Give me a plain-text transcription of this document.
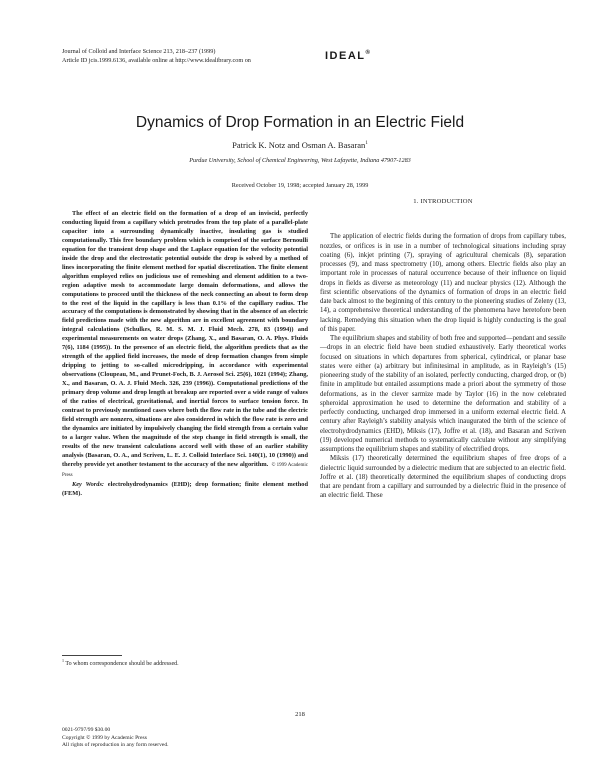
Journal of Colloid and Interface Science 213, 218–237 (1999)
Article ID jcis.1999.6136, available online at http://www.idealibrary.com on	IDEAL®
Dynamics of Drop Formation in an Electric Field
Patrick K. Notz and Osman A. Basaran$^1$
Purdue University, School of Chemical Engineering, West Lafayette, Indiana 47907-1283
Received October 19, 1998; accepted January 28, 1999

The effect of an electric field on the formation of a drop of an inviscid, perfectly conducting liquid from a capillary which protrudes from the top plate of a parallel-plate capacitor into a surrounding dynamically inactive, insulating gas is studied computationally. This free boundary problem which is comprised of the surface Bernoulli equation for the transient drop shape and the Laplace equation for the velocity potential inside the drop and the electrostatic potential outside the drop is solved by a method of lines incorporating the finite element method for spatial discretization. The finite element algorithm employed relies on judicious use of remeshing and element addition to a two-region adaptive mesh to accommodate large domain deformations, and allows the computations to proceed until the thickness of the neck connecting an about to form drop to the rest of the liquid in the capillary is less than 0.1% of the capillary radius. The accuracy of the computations is demonstrated by showing that in the absence of an electric field predictions made with the new algorithm are in excellent agreement with boundary integral calculations (Schulkes, R. M. S. M. J. Fluid Mech. 278, 83 (1994)) and experimental measurements on water drops (Zhang, X., and Basaran, O. A. Phys. Fluids 7(6), 1184 (1995)). In the presence of an electric field, the algorithm predicts that as the strength of the applied field increases, the mode of drop formation changes from simple dripping to jetting to so-called microdripping, in accordance with experimental observations (Cloupeau, M., and Prunet-Foch, B. J. Aerosol Sci. 25(6), 1021 (1994); Zhang, X., and Basaran, O. A. J. Fluid Mech. 326, 239 (1996)). Computational predictions of the primary drop volume and drop length at breakup are reported over a wide range of values of the ratios of electrical, gravitational, and inertial forces to surface tension force. In contrast to previously mentioned cases where both the flow rate in the tube and the electric field strength are nonzero, situations are also considered in which the flow rate is zero and the dynamics are initiated by impulsively changing the field strength from a certain value to a larger value. When the magnitude of the step change in field strength is small, the results of the new transient calculations accord well with those of an earlier stability analysis (Basaran, O. A., and Scriven, L. E. J. Colloid Interface Sci. 140(1), 10 (1990)) and thereby provide yet another testament to the accuracy of the new algorithm. © 1999 Academic Press

Key Words: electrohydrodynamics (EHD); drop formation; finite element method (FEM).

1. INTRODUCTION

The application of electric fields during the formation of drops from capillary tubes, nozzles, or orifices is in use in a number of technological situations including spray coating (6), inkjet printing (7), spraying of agricultural chemicals (8), separation processes (9), and mass spectrometry (10), among others. Electric fields also play an important role in processes of natural occurrence because of their influence on liquid drops in fields as diverse as meteorology (11) and nuclear physics (12). Although the first scientific observations of the dynamics of formation of drops in an electric field date back almost to the beginning of this century to the pioneering studies of Zeleny (13, 14), a comprehensive theoretical understanding of the phenomena have heretofore been lacking. Remedying this situation when the drop liquid is highly conducting is the goal of this paper.

The equilibrium shapes and stability of both free and supported—pendant and sessile—drops in an electric field have been studied exhaustively. Early theoretical works focused on situations in which departures from spherical, cylindrical, or planar base states were either (a) arbitrary but infinitesimal in amplitude, as in Rayleigh’s (15) pioneering study of the stability of an isolated, perfectly conducting, charged drop, or (b) finite in amplitude but entailed assumptions made a priori about the symmetry of those deformations, as in the clever sarmize made by Taylor (16) in the now celebrated spheroidal approximation he used to determine the deformation and stability of a perfectly conducting, uncharged drop immersed in a uniform external electric field. A century after Rayleigh’s stability analysis which inaugurated the birth of the science of electrohydrodynamics (EHD), Miksis (17), Joffre et al. (18), and Basaran and Scriven (19) developed numerical methods to systematically calculate without any simplifying assumptions the equilibrium shapes and stability of electrified drops.

Miksis (17) theoretically determined the equilibrium shapes of free drops of a dielectric liquid surrounded by a dielectric medium that are subjected to an electric field. Joffre et al. (18) theoretically determined the equilibrium shapes of conducting drops that are pendant from a capillary and surrounded by a dielectric fluid in the presence of an electric field. These

$^1$ To whom correspondence should be addressed.
218
0021-9797/99 $30.00
Copyright © 1999 by Academic Press
All rights of reproduction in any form reserved.
